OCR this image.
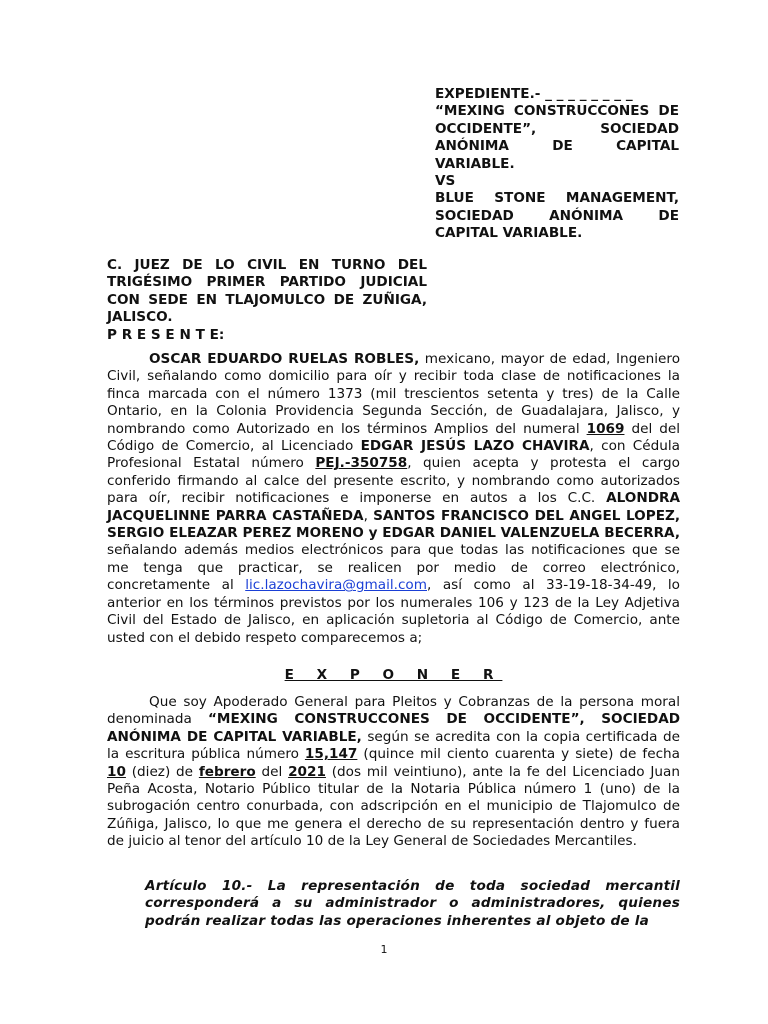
EXPEDIENTE.- _ _ _ _ _ _ _ _
“MEXING CONSTRUCCONES DE OCCIDENTE”, SOCIEDAD ANÓNIMA DE CAPITAL VARIABLE.
VS
BLUE STONE MANAGEMENT, SOCIEDAD ANÓNIMA DE CAPITAL VARIABLE.
C. JUEZ DE LO CIVIL EN TURNO DEL TRIGÉSIMO PRIMER PARTIDO JUDICIAL CON SEDE EN TLAJOMULCO DE ZUÑIGA, JALISCO.
P R E S E N T E:
OSCAR EDUARDO RUELAS ROBLES, mexicano, mayor de edad, Ingeniero Civil, señalando como domicilio para oír y recibir toda clase de notificaciones la finca marcada con el número 1373 (mil trescientos setenta y tres) de la Calle Ontario, en la Colonia Providencia Segunda Sección, de Guadalajara, Jalisco, y nombrando como Autorizado en los términos Amplios del numeral 1069 del del Código de Comercio, al Licenciado EDGAR JESÚS LAZO CHAVIRA, con Cédula Profesional Estatal número PEJ.-350758, quien acepta y protesta el cargo conferido firmando al calce del presente escrito, y nombrando como autorizados para oír, recibir notificaciones e imponerse en autos a los C.C. ALONDRA JACQUELINNE PARRA CASTAÑEDA, SANTOS FRANCISCO DEL ANGEL LOPEZ, SERGIO ELEAZAR PEREZ MORENO y EDGAR DANIEL VALENZUELA BECERRA, señalando además medios electrónicos para que todas las notificaciones que se me tenga que practicar, se realicen por medio de correo electrónico, concretamente al lic.lazochavira@gmail.com, así como al 33-19-18-34-49, lo anterior en los términos previstos por los numerales 106 y 123 de la Ley Adjetiva Civil del Estado de Jalisco, en aplicación supletoria al Código de Comercio, ante usted con el debido respeto comparecemos a;
E X P O N E R
Que soy Apoderado General para Pleitos y Cobranzas de la persona moral denominada “MEXING CONSTRUCCONES DE OCCIDENTE”, SOCIEDAD ANÓNIMA DE CAPITAL VARIABLE, según se acredita con la copia certificada de la escritura pública número 15,147 (quince mil ciento cuarenta y siete) de fecha 10 (diez) de febrero del 2021 (dos mil veintiuno), ante la fe del Licenciado Juan Peña Acosta, Notario Público titular de la Notaria Pública número 1 (uno) de la subrogación centro conurbada, con adscripción en el municipio de Tlajomulco de Zúñiga, Jalisco, lo que me genera el derecho de su representación dentro y fuera de juicio al tenor del artículo 10 de la Ley General de Sociedades Mercantiles.
Artículo 10.- La representación de toda sociedad mercantil corresponderá a su administrador o administradores, quienes podrán realizar todas las operaciones inherentes al objeto de la
1
